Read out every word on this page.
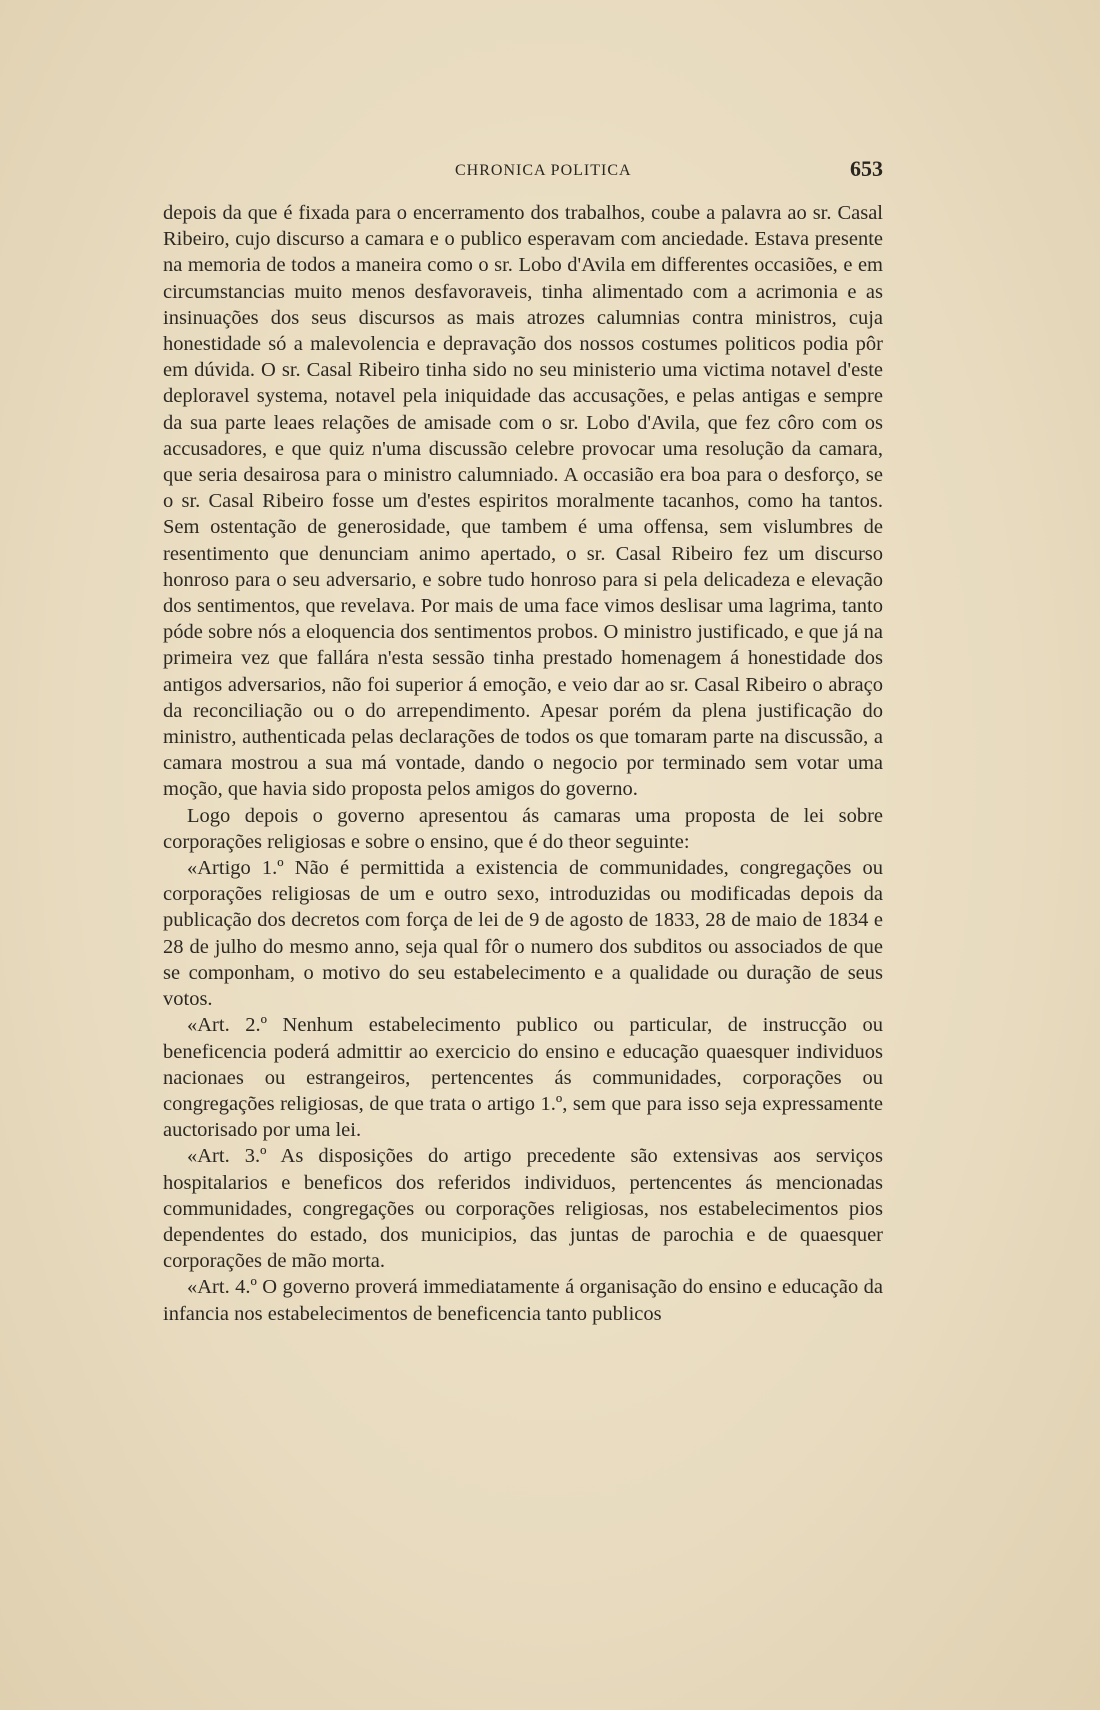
CHRONICA POLITICA	653

depois da que é fixada para o encerramento dos trabalhos, coube a palavra ao sr. Casal Ribeiro, cujo discurso a camara e o publico esperavam com anciedade. Estava presente na memoria de todos a maneira como o sr. Lobo d'Avila em differentes occasiões, e em circumstancias muito menos desfavoraveis, tinha alimentado com a acrimonia e as insinuações dos seus discursos as mais atrozes calumnias contra ministros, cuja honestidade só a malevolencia e depravação dos nossos costumes politicos podia pôr em dúvida. O sr. Casal Ribeiro tinha sido no seu ministerio uma victima notavel d'este deploravel systema, notavel pela iniquidade das accusações, e pelas antigas e sempre da sua parte leaes relações de amisade com o sr. Lobo d'Avila, que fez côro com os accusadores, e que quiz n'uma discussão celebre provocar uma resolução da camara, que seria desairosa para o ministro calumniado. A occasião era boa para o desforço, se o sr. Casal Ribeiro fosse um d'estes espiritos moralmente tacanhos, como ha tantos. Sem ostentação de generosidade, que tambem é uma offensa, sem vislumbres de resentimento que denunciam animo apertado, o sr. Casal Ribeiro fez um discurso honroso para o seu adversario, e sobre tudo honroso para si pela delicadeza e elevação dos sentimentos, que revelava. Por mais de uma face vimos deslisar uma lagrima, tanto póde sobre nós a eloquencia dos sentimentos probos. O ministro justificado, e que já na primeira vez que fallára n'esta sessão tinha prestado homenagem á honestidade dos antigos adversarios, não foi superior á emoção, e veio dar ao sr. Casal Ribeiro o abraço da reconciliação ou o do arrependimento. Apesar porém da plena justificação do ministro, authenticada pelas declarações de todos os que tomaram parte na discussão, a camara mostrou a sua má vontade, dando o negocio por terminado sem votar uma moção, que havia sido proposta pelos amigos do governo.

Logo depois o governo apresentou ás camaras uma proposta de lei sobre corporações religiosas e sobre o ensino, que é do theor seguinte:

«Artigo 1.º Não é permittida a existencia de communidades, congregações ou corporações religiosas de um e outro sexo, introduzidas ou modificadas depois da publicação dos decretos com força de lei de 9 de agosto de 1833, 28 de maio de 1834 e 28 de julho do mesmo anno, seja qual fôr o numero dos subditos ou associados de que se componham, o motivo do seu estabelecimento e a qualidade ou duração de seus votos.

«Art. 2.º Nenhum estabelecimento publico ou particular, de instrucção ou beneficencia poderá admittir ao exercicio do ensino e educação quaesquer individuos nacionaes ou estrangeiros, pertencentes ás communidades, corporações ou congregações religiosas, de que trata o artigo 1.º, sem que para isso seja expressamente auctorisado por uma lei.

«Art. 3.º As disposições do artigo precedente são extensivas aos serviços hospitalarios e beneficos dos referidos individuos, pertencentes ás mencionadas communidades, congregações ou corporações religiosas, nos estabelecimentos pios dependentes do estado, dos municipios, das juntas de parochia e de quaesquer corporações de mão morta.

«Art. 4.º O governo proverá immediatamente á organisação do ensino e educação da infancia nos estabelecimentos de beneficencia tanto publicos
